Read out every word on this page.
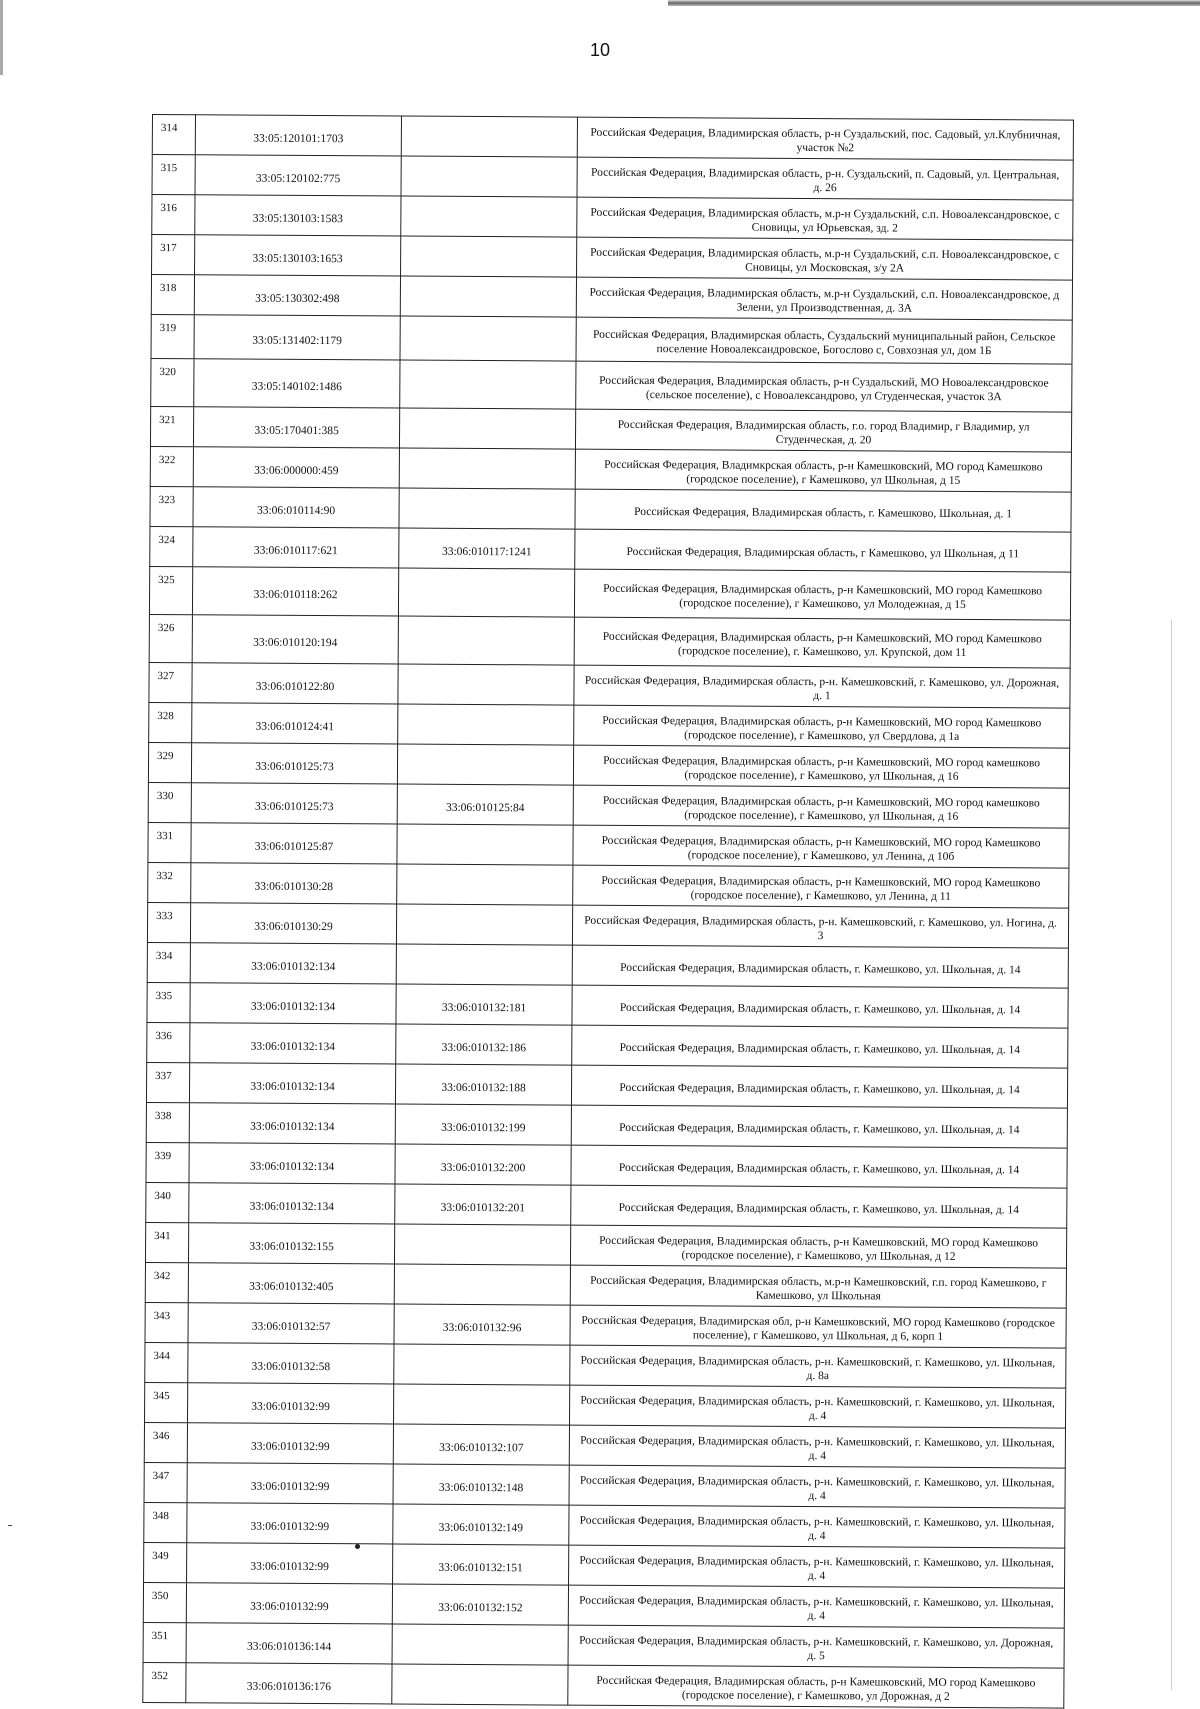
10
314	33:05:120101:1703		Российская Федерация, Владимирская область, р-н Суздальский, пос. Садовый, ул.Клубничная, участок №2
315	33:05:120102:775		Российская Федерация, Владимирская область, р-н. Суздальский, п. Садовый, ул. Центральная, д. 26
316	33:05:130103:1583		Российская Федерация, Владимирская область, м.р-н Суздальский, с.п. Новоалександровское, с Сновицы, ул Юрьевская, зд. 2
317	33:05:130103:1653		Российская Федерация, Владимирская область, м.р-н Суздальский, с.п. Новоалександровское, с Сновицы, ул Московская, з/у 2А
318	33:05:130302:498		Российская Федерация, Владимирская область, м.р-н Суздальский, с.п. Новоалександровское, д Зелени, ул Производственная, д. 3А
319	33:05:131402:1179		Российская Федерация, Владимирская область, Суздальский муниципальный район, Сельское поселение Новоалександровское, Богослово с, Совхозная ул, дом 1Б
320	33:05:140102:1486		Российская Федерация, Владимирская область, р-н Суздальский, МО Новоалександровское (сельское поселение), с Новоалександрово, ул Студенческая, участок 3А
321	33:05:170401:385		Российская Федерация, Владимирская область, г.о. город Владимир, г Владимир, ул Студенческая, д. 20
322	33:06:000000:459		Российская Федерация, Владимкрская область, р-н Камешковский, МО город Камешково (городское поселение), г Камешково, ул Школьная, д 15
323	33:06:010114:90		Российская Федерация, Владимирская область, г. Камешково, Школьная, д. 1
324	33:06:010117:621	33:06:010117:1241	Российская Федерация, Владимирская область, г Камешково, ул Школьная, д 11
325	33:06:010118:262		Российская Федерация, Владимирская область, р-н Камешковский, МО город Камешково (городское поселение), г Камешково, ул Молодежная, д 15
326	33:06:010120:194		Российская Федерация, Владимирская область, р-н Камешковский, МО город Камешково (городское поселение), г. Камешково, ул. Крупской, дом 11
327	33:06:010122:80		Российская Федерация, Владимирская область, р-н. Камешковский, г. Камешково, ул. Дорожная, д. 1
328	33:06:010124:41		Российская Федерация, Владимирская область, р-н Камешковский, МО город Камешково (городское поселение), г Камешково, ул Свердлова, д 1а
329	33:06:010125:73		Российская Федерация, Владимирская область, р-н Камешковский, МО город камешково (городское поселение), г Камешково, ул Школьная, д 16
330	33:06:010125:73	33:06:010125:84	Российская Федерация, Владимирская область, р-н Камешковский, МО город камешково (городское поселение), г Камешково, ул Школьная, д 16
331	33:06:010125:87		Российская Федерация, Владимирская область, р-н Камешковский, МО город Камешково (городское поселение), г Камешково, ул Ленина, д 10б
332	33:06:010130:28		Российская Федерация, Владимирская область, р-н Камешковский, МО город Камешково (городское поселение), г Камешково, ул Ленина, д 11
333	33:06:010130:29		Российская Федерация, Владимирская область, р-н. Камешковский, г. Камешково, ул. Ногина, д. 3
334	33:06:010132:134		Российская Федерация, Владимирская область, г. Камешково, ул. Школьная, д. 14
335	33:06:010132:134	33:06:010132:181	Российская Федерация, Владимирская область, г. Камешково, ул. Школьная, д. 14
336	33:06:010132:134	33:06:010132:186	Российская Федерация, Владимирская область, г. Камешково, ул. Школьная, д. 14
337	33:06:010132:134	33:06:010132:188	Российская Федерация, Владимирская область, г. Камешково, ул. Школьная, д. 14
338	33:06:010132:134	33:06:010132:199	Российская Федерация, Владимирская область, г. Камешково, ул. Школьная, д. 14
339	33:06:010132:134	33:06:010132:200	Российская Федерация, Владимирская область, г. Камешково, ул. Школьная, д. 14
340	33:06:010132:134	33:06:010132:201	Российская Федерация, Владимирская область, г. Камешково, ул. Школьная, д. 14
341	33:06:010132:155		Российская Федерация, Владимирская область, р-н Камешковский, МО город Камешково (городское поселение), г Камешково, ул Школьная, д 12
342	33:06:010132:405		Российская Федерация, Владимирская область, м.р-н Камешковский, г.п. город Камешково, г Камешково, ул Школьная
343	33:06:010132:57	33:06:010132:96	Российская Федерация, Владимирская обл, р-н Камешковский, МО город Камешково (городское поселение), г Камешково, ул Школьная, д 6, корп 1
344	33:06:010132:58		Российская Федерация, Владимирская область, р-н. Камешковский, г. Камешково, ул. Школьная, д. 8а
345	33:06:010132:99		Российская Федерация, Владимирская область, р-н. Камешковский, г. Камешково, ул. Школьная, д. 4
346	33:06:010132:99	33:06:010132:107	Российская Федерация, Владимирская область, р-н. Камешковский, г. Камешково, ул. Школьная, д. 4
347	33:06:010132:99	33:06:010132:148	Российская Федерация, Владимирская область, р-н. Камешковский, г. Камешково, ул. Школьная, д. 4
348	33:06:010132:99	33:06:010132:149	Российская Федерация, Владимирская область, р-н. Камешковский, г. Камешково, ул. Школьная, д. 4
349	33:06:010132:99	33:06:010132:151	Российская Федерация, Владимирская область, р-н. Камешковский, г. Камешково, ул. Школьная, д. 4
350	33:06:010132:99	33:06:010132:152	Российская Федерация, Владимирская область, р-н. Камешковский, г. Камешково, ул. Школьная, д. 4
351	33:06:010136:144		Российская Федерация, Владимирская область, р-н. Камешковский, г. Камешково, ул. Дорожная, д. 5
352	33:06:010136:176		Российская Федерация, Владимирская область, р-н Камешковский, МО город Камешково (городское поселение), г Камешково, ул Дорожная, д 2
